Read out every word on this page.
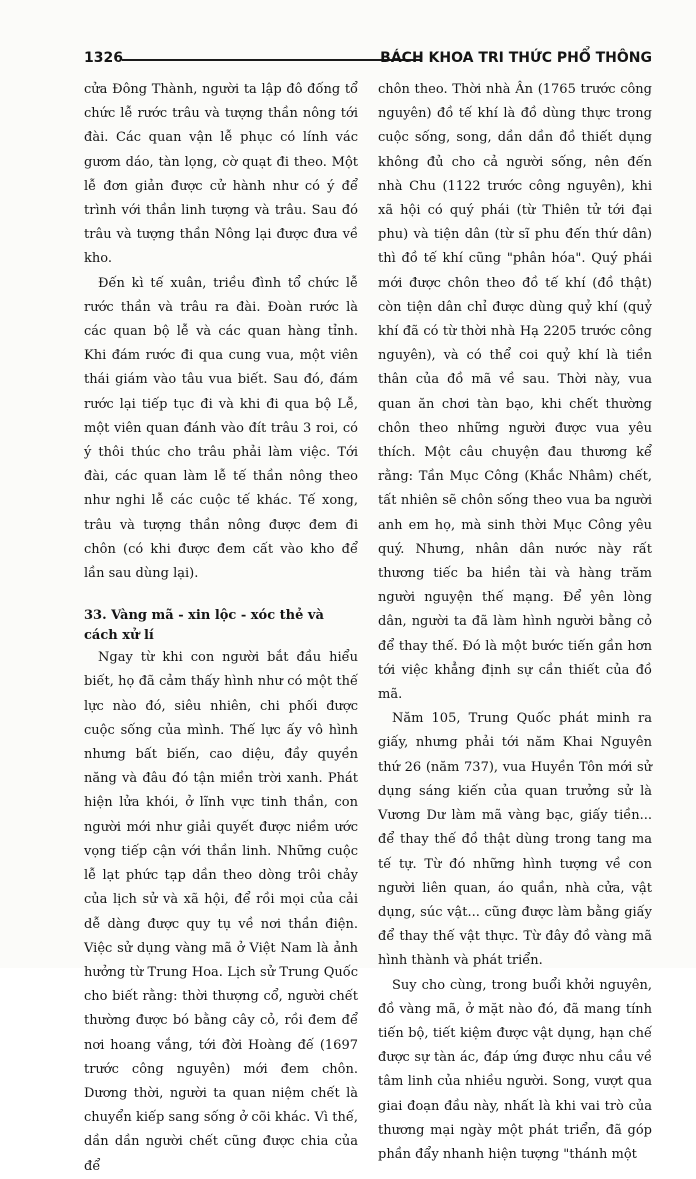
1326	BÁCH KHOA TRI THỨC PHỔ THÔNG

cửa Đông Thành, người ta lập đô đống tổ chức lễ rước trâu và tượng thần nông tới đài. Các quan vận lễ phục có lính vác gươm dáo, tàn lọng, cờ quạt đi theo. Một lễ đơn giản được cử hành như có ý để trình với thần linh tượng và trâu. Sau đó trâu và tượng thần Nông lại được đưa về kho.

Đến kì tế xuân, triều đình tổ chức lễ rước thần và trâu ra đài. Đoàn rước là các quan bộ lễ và các quan hàng tỉnh. Khi đám rước đi qua cung vua, một viên thái giám vào tâu vua biết. Sau đó, đám rước lại tiếp tục đi và khi đi qua bộ Lễ, một viên quan đánh vào đít trâu 3 roi, có ý thôi thúc cho trâu phải làm việc. Tới đài, các quan làm lễ tế thần nông theo như nghi lễ các cuộc tế khác. Tế xong, trâu và tượng thần nông được đem đi chôn (có khi được đem cất vào kho để lần sau dùng lại).

33. Vàng mã - xin lộc - xóc thẻ và cách xử lí

Ngay từ khi con người bắt đầu hiểu biết, họ đã cảm thấy hình như có một thế lực nào đó, siêu nhiên, chi phối được cuộc sống của mình. Thế lực ấy vô hình nhưng bất biến, cao diệu, đầy quyền năng và đâu đó tận miền trời xanh. Phát hiện lửa khói, ở lĩnh vực tinh thần, con người mới như giải quyết được niềm ước vọng tiếp cận với thần linh. Những cuộc lễ lạt phức tạp dần theo dòng trôi chảy của lịch sử và xã hội, để rồi mọi của cải dễ dàng được quy tụ về nơi thần điện. Việc sử dụng vàng mã ở Việt Nam là ảnh hưởng từ Trung Hoa. Lịch sử Trung Quốc cho biết rằng: thời thượng cổ, người chết thường được bó bằng cây cỏ, rồi đem để nơi hoang vắng, tới đời Hoàng đế (1697 trước công nguyên) mới đem chôn. Dương thời, người ta quan niệm chết là chuyển kiếp sang sống ở cõi khác. Vì thế, dần dần người chết cũng được chia của để

chôn theo. Thời nhà Ân (1765 trước công nguyên) đồ tế khí là đồ dùng thực trong cuộc sống, song, dần dần đồ thiết dụng không đủ cho cả người sống, nên đến nhà Chu (1122 trước công nguyên), khi xã hội có quý phái (từ Thiên tử tới đại phu) và tiện dân (từ sĩ phu đến thứ dân) thì đồ tế khí cũng "phân hóa". Quý phái mới được chôn theo đồ tế khí (đồ thật) còn tiện dân chỉ được dùng quỷ khí (quỷ khí đã có từ thời nhà Hạ 2205 trước công nguyên), và có thể coi quỷ khí là tiền thân của đồ mã về sau. Thời này, vua quan ăn chơi tàn bạo, khi chết thường chôn theo những người được vua yêu thích. Một câu chuyện đau thương kể rằng: Tần Mục Công (Khắc Nhâm) chết, tất nhiên sẽ chôn sống theo vua ba người anh em họ, mà sinh thời Mục Công yêu quý. Nhưng, nhân dân nước này rất thương tiếc ba hiền tài và hàng trăm người nguyện thế mạng. Để yên lòng dân, người ta đã làm hình người bằng cỏ để thay thế. Đó là một bước tiến gần hơn tới việc khẳng định sự cần thiết của đồ mã.

Năm 105, Trung Quốc phát minh ra giấy, nhưng phải tới năm Khai Nguyên thứ 26 (năm 737), vua Huyền Tôn mới sử dụng sáng kiến của quan trưởng sử là Vương Dư làm mã vàng bạc, giấy tiền... để thay thế đồ thật dùng trong tang ma tế tự. Từ đó những hình tượng về con người liên quan, áo quần, nhà cửa, vật dụng, súc vật... cũng được làm bằng giấy để thay thế vật thực. Từ đây đồ vàng mã hình thành và phát triển.

Suy cho cùng, trong buổi khởi nguyên, đồ vàng mã, ở mặt nào đó, đã mang tính tiến bộ, tiết kiệm được vật dụng, hạn chế được sự tàn ác, đáp ứng được nhu cầu về tâm linh của nhiều người. Song, vượt qua giai đoạn đầu này, nhất là khi vai trò của thương mại ngày một phát triển, đã góp phần đẩy nhanh hiện tượng "thánh một
